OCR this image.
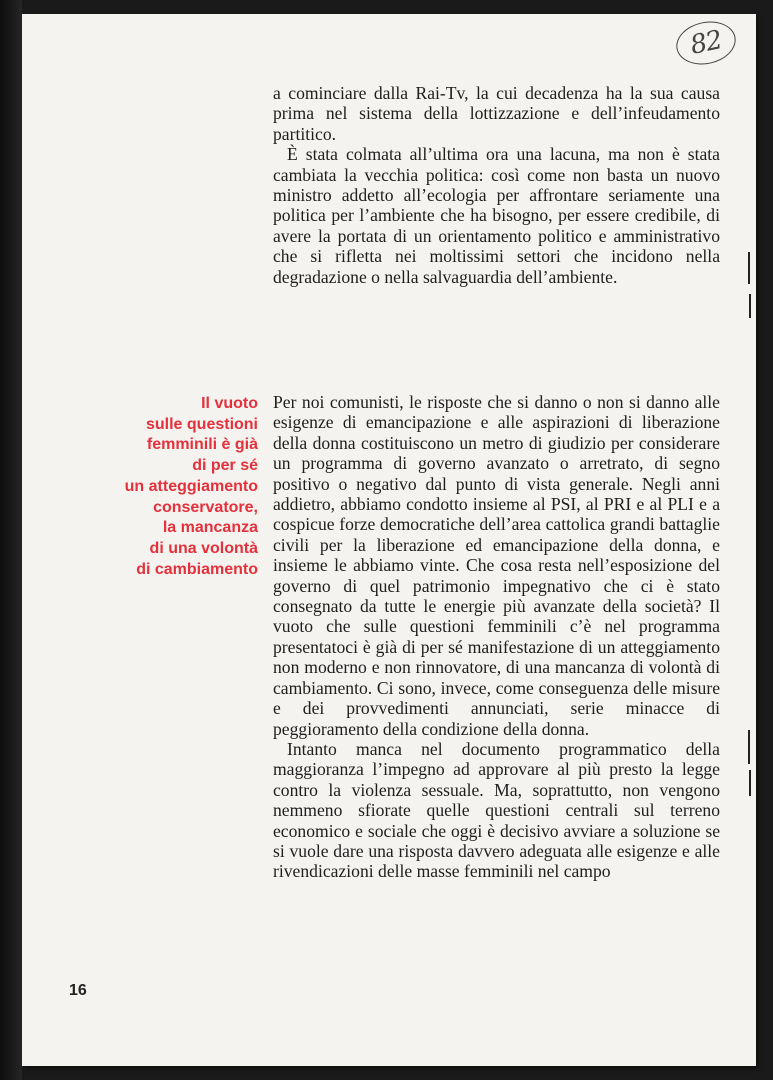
82

a cominciare dalla Rai-Tv, la cui decadenza ha la sua causa prima nel sistema della lottizzazione e dell’infeudamento partitico.

È stata colmata all’ultima ora una lacuna, ma non è stata cambiata la vecchia politica: così come non basta un nuovo ministro addetto all’ecologia per affrontare seriamente una politica per l’ambiente che ha bisogno, per essere credibile, di avere la portata di un orientamento politico e amministrativo che si rifletta nei moltissimi settori che incidono nella degradazione o nella salvaguardia dell’ambiente.

Il vuoto
sulle questioni
femminili è già
di per sé
un atteggiamento
conservatore,
la mancanza
di una volontà
di cambiamento

Per noi comunisti, le risposte che si danno o non si danno alle esigenze di emancipazione e alle aspirazioni di liberazione della donna costituiscono un metro di giudizio per considerare un programma di governo avanzato o arretrato, di segno positivo o negativo dal punto di vista generale. Negli anni addietro, abbiamo condotto insieme al PSI, al PRI e al PLI e a cospicue forze democratiche dell’area cattolica grandi battaglie civili per la liberazione ed emancipazione della donna, e insieme le abbiamo vinte. Che cosa resta nell’esposizione del governo di quel patrimonio impegnativo che ci è stato consegnato da tutte le energie più avanzate della società? Il vuoto che sulle questioni femminili c’è nel programma presentatoci è già di per sé manifestazione di un atteggiamento non moderno e non rinnovatore, di una mancanza di volontà di cambiamento. Ci sono, invece, come conseguenza delle misure e dei provvedimenti annunciati, serie minacce di peggioramento della condizione della donna.

Intanto manca nel documento programmatico della maggioranza l’impegno ad approvare al più presto la legge contro la violenza sessuale. Ma, soprattutto, non vengono nemmeno sfiorate quelle questioni centrali sul terreno economico e sociale che oggi è decisivo avviare a soluzione se si vuole dare una risposta davvero adeguata alle esigenze e alle rivendicazioni delle masse femminili nel campo

16
